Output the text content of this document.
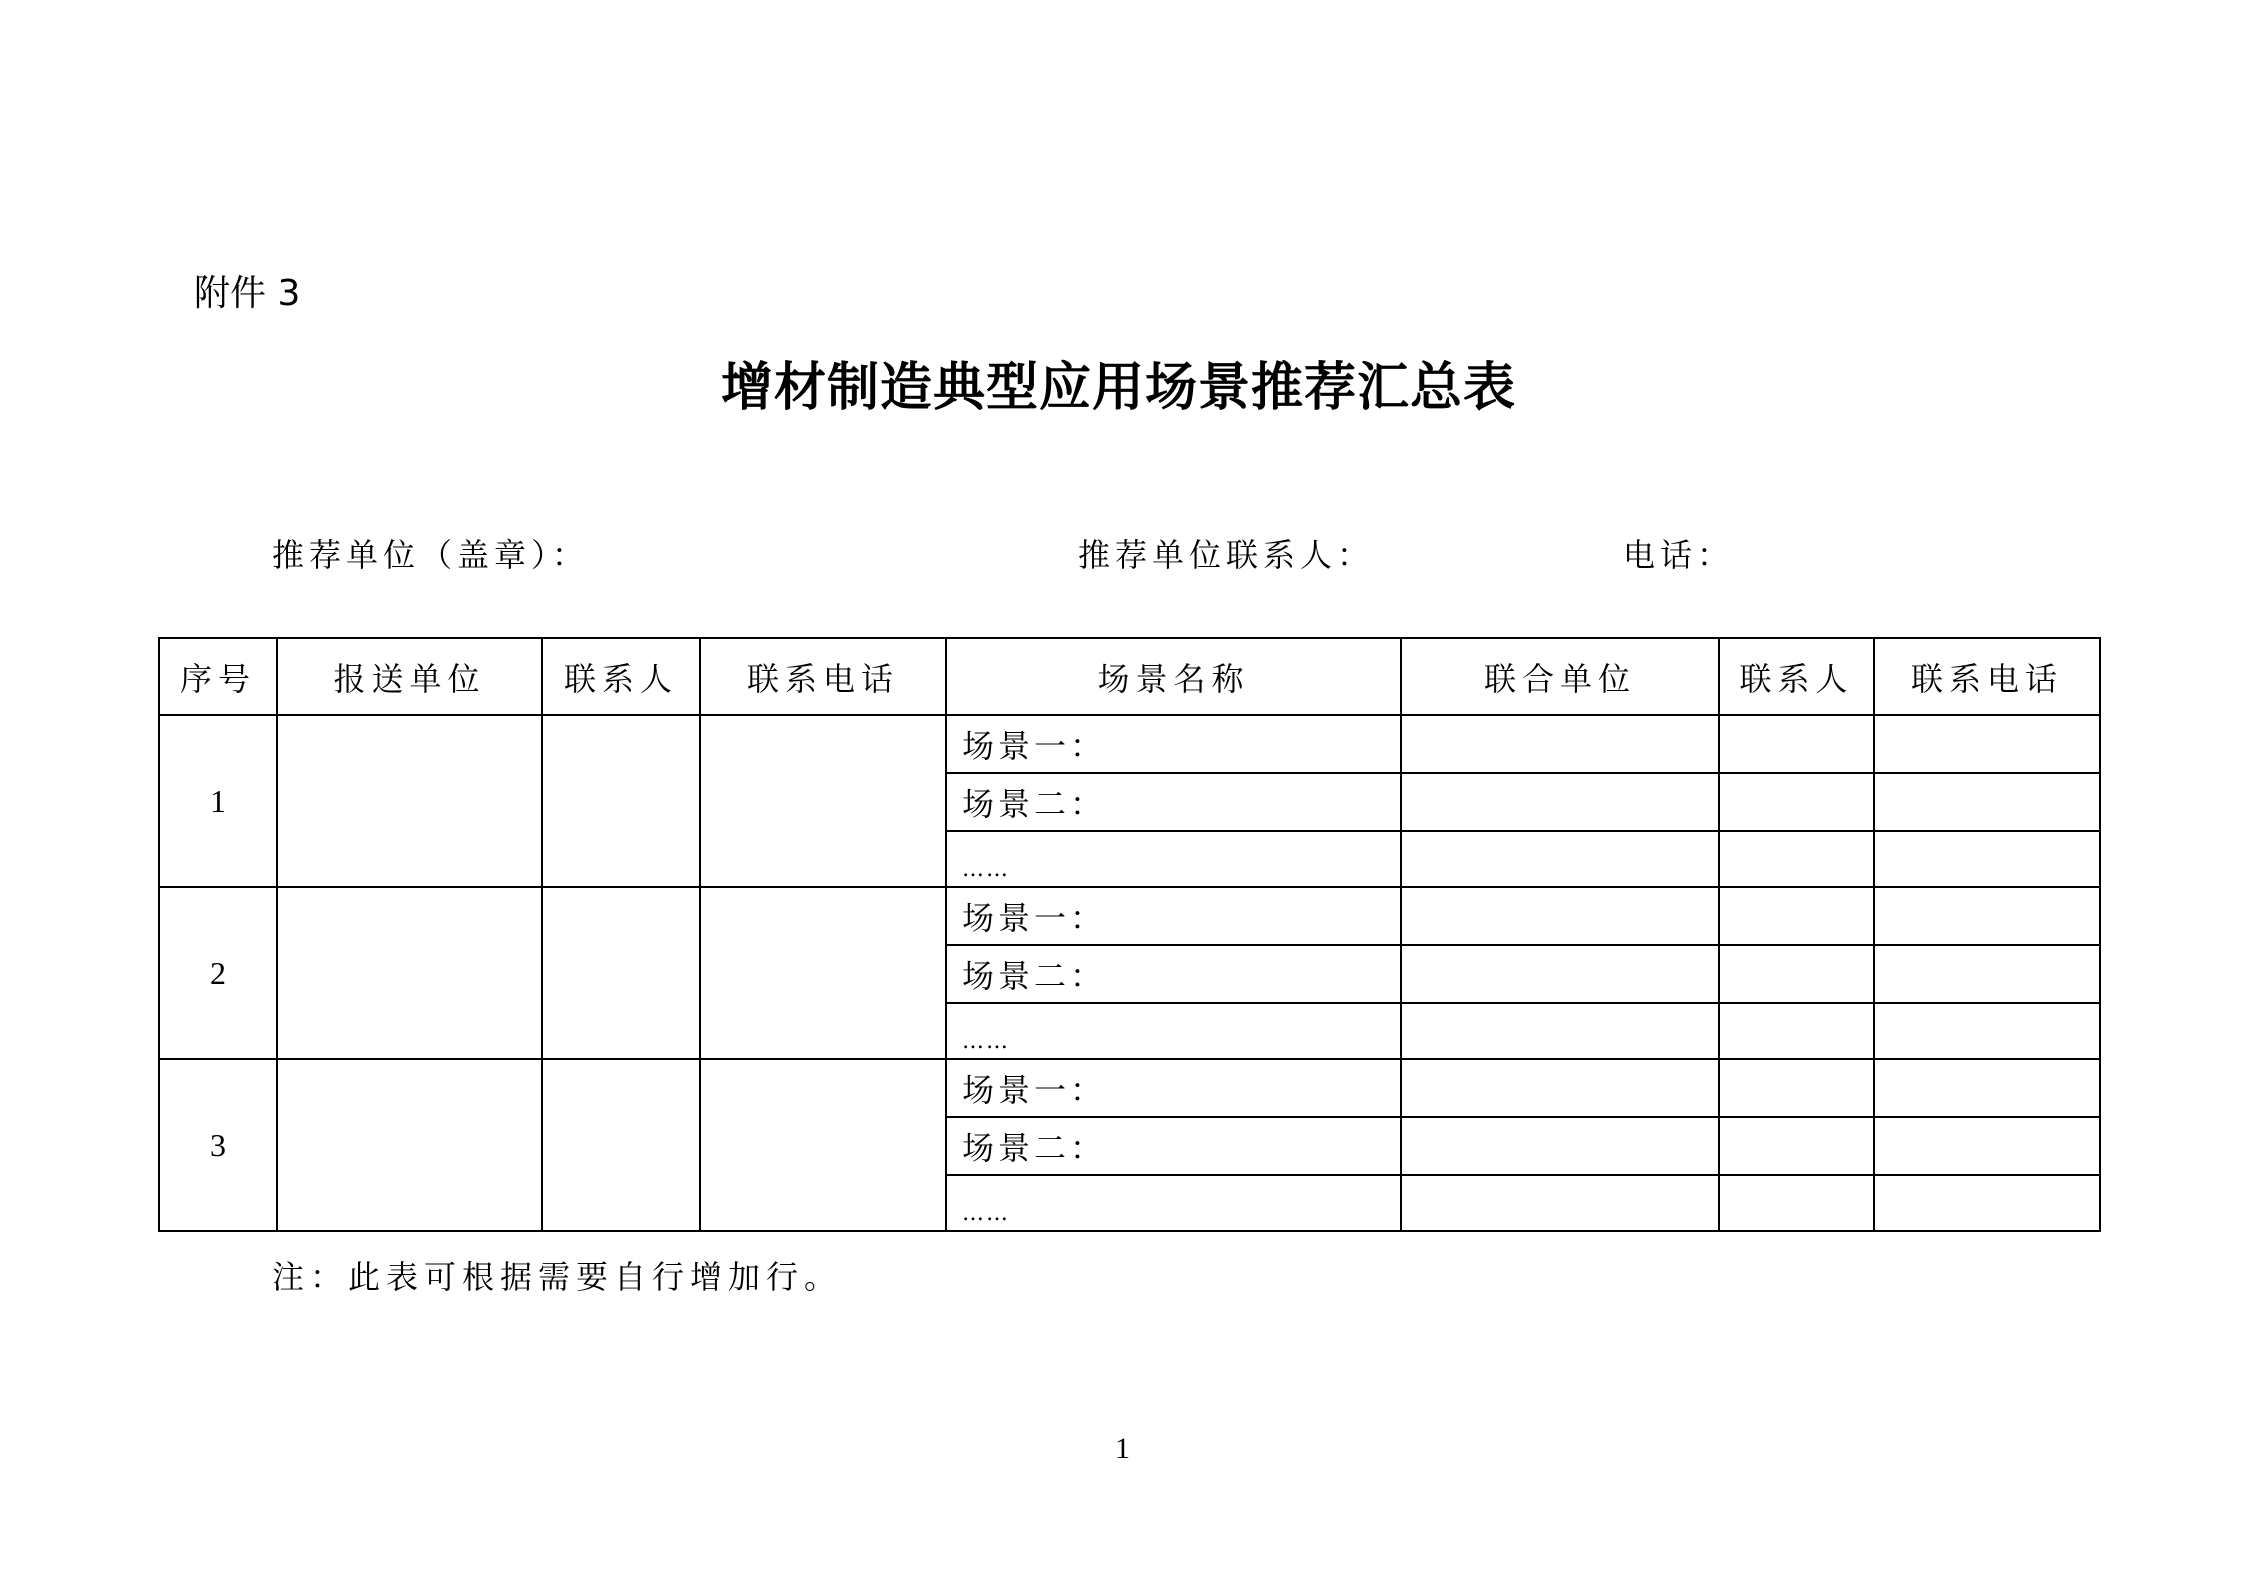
附件 3
增材制造典型应用场景推荐汇总表
推荐单位（盖章）：	推荐单位联系人：	电话：
序号	报送单位	联系人	联系电话	场景名称	联合单位	联系人	联系电话
1				场景一：			
				场景二：			
				……			
2				场景一：			
				场景二：			
				……			
3				场景一：			
				场景二：			
				……			
注：此表可根据需要自行增加行。
1
